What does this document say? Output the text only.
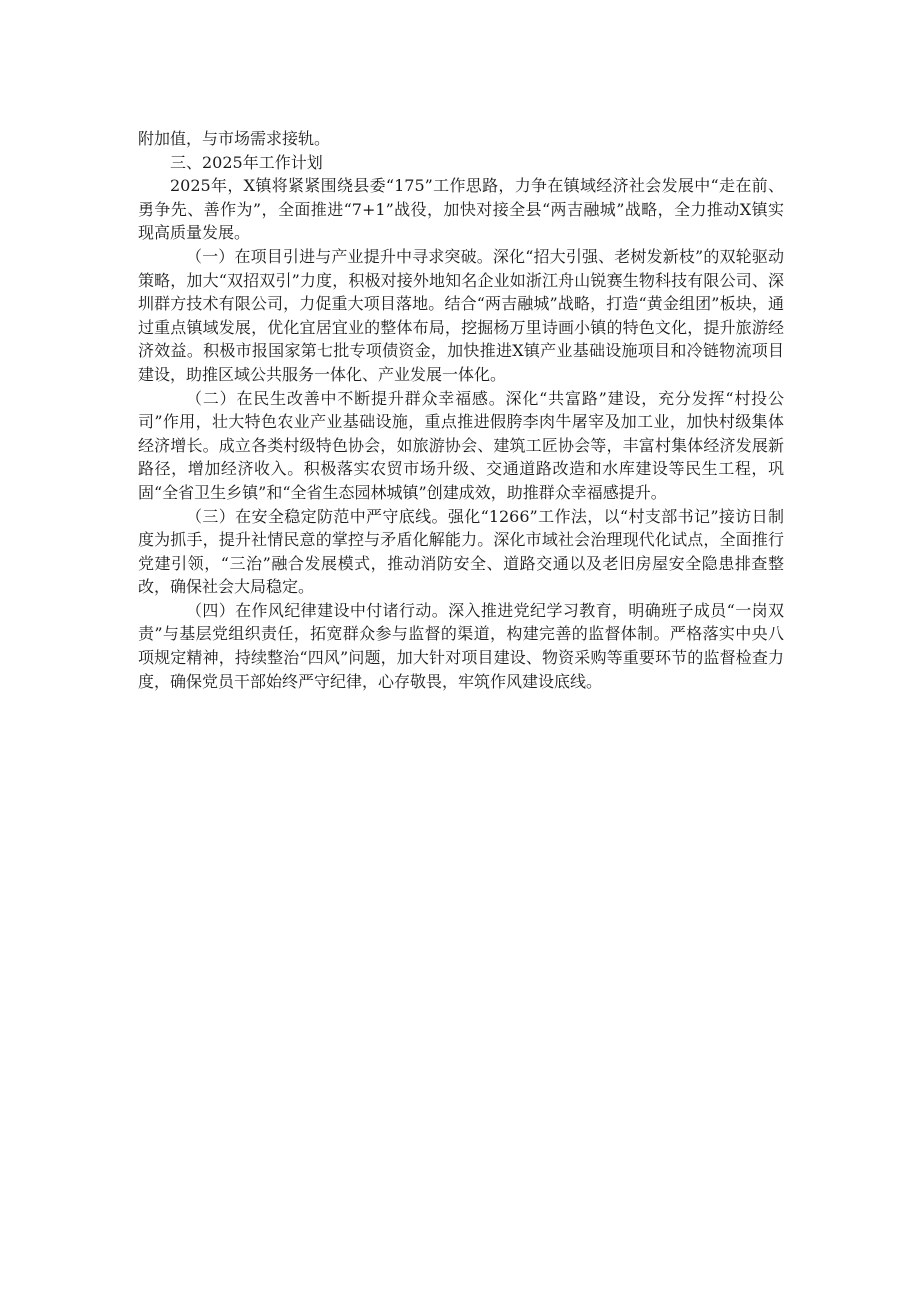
附加值，与市场需求接轨。

三、2025年工作计划

2025年，X镇将紧紧围绕县委“175”工作思路，力争在镇域经济社会发展中“走在前、勇争先、善作为”，全面推进“7+1”战役，加快对接全县“两吉融城”战略，全力推动X镇实现高质量发展。

（一）在项目引进与产业提升中寻求突破。深化“招大引强、老树发新枝”的双轮驱动策略，加大“双招双引”力度，积极对接外地知名企业如浙江舟山锐赛生物科技有限公司、深圳群方技术有限公司，力促重大项目落地。结合“两吉融城”战略，打造“黄金组团”板块，通过重点镇域发展，优化宜居宜业的整体布局，挖掘杨万里诗画小镇的特色文化，提升旅游经济效益。积极市报国家第七批专项债资金，加快推进X镇产业基础设施项目和冷链物流项目建设，助推区域公共服务一体化、产业发展一体化。

（二）在民生改善中不断提升群众幸福感。深化“共富路”建设，充分发挥“村投公司”作用，壮大特色农业产业基础设施，重点推进假胯李肉牛屠宰及加工业，加快村级集体经济增长。成立各类村级特色协会，如旅游协会、建筑工匠协会等，丰富村集体经济发展新路径，增加经济收入。积极落实农贸市场升级、交通道路改造和水库建设等民生工程，巩固“全省卫生乡镇”和“全省生态园林城镇”创建成效，助推群众幸福感提升。

（三）在安全稳定防范中严守底线。强化“1266”工作法，以“村支部书记”接访日制度为抓手，提升社情民意的掌控与矛盾化解能力。深化市域社会治理现代化试点，全面推行党建引领，“三治”融合发展模式，推动消防安全、道路交通以及老旧房屋安全隐患排查整改，确保社会大局稳定。

（四）在作风纪律建设中付诸行动。深入推进党纪学习教育，明确班子成员“一岗双责”与基层党组织责任，拓宽群众参与监督的渠道，构建完善的监督体制。严格落实中央八项规定精神，持续整治“四风”问题，加大针对项目建设、物资采购等重要环节的监督检查力度，确保党员干部始终严守纪律，心存敬畏，牢筑作风建设底线。
